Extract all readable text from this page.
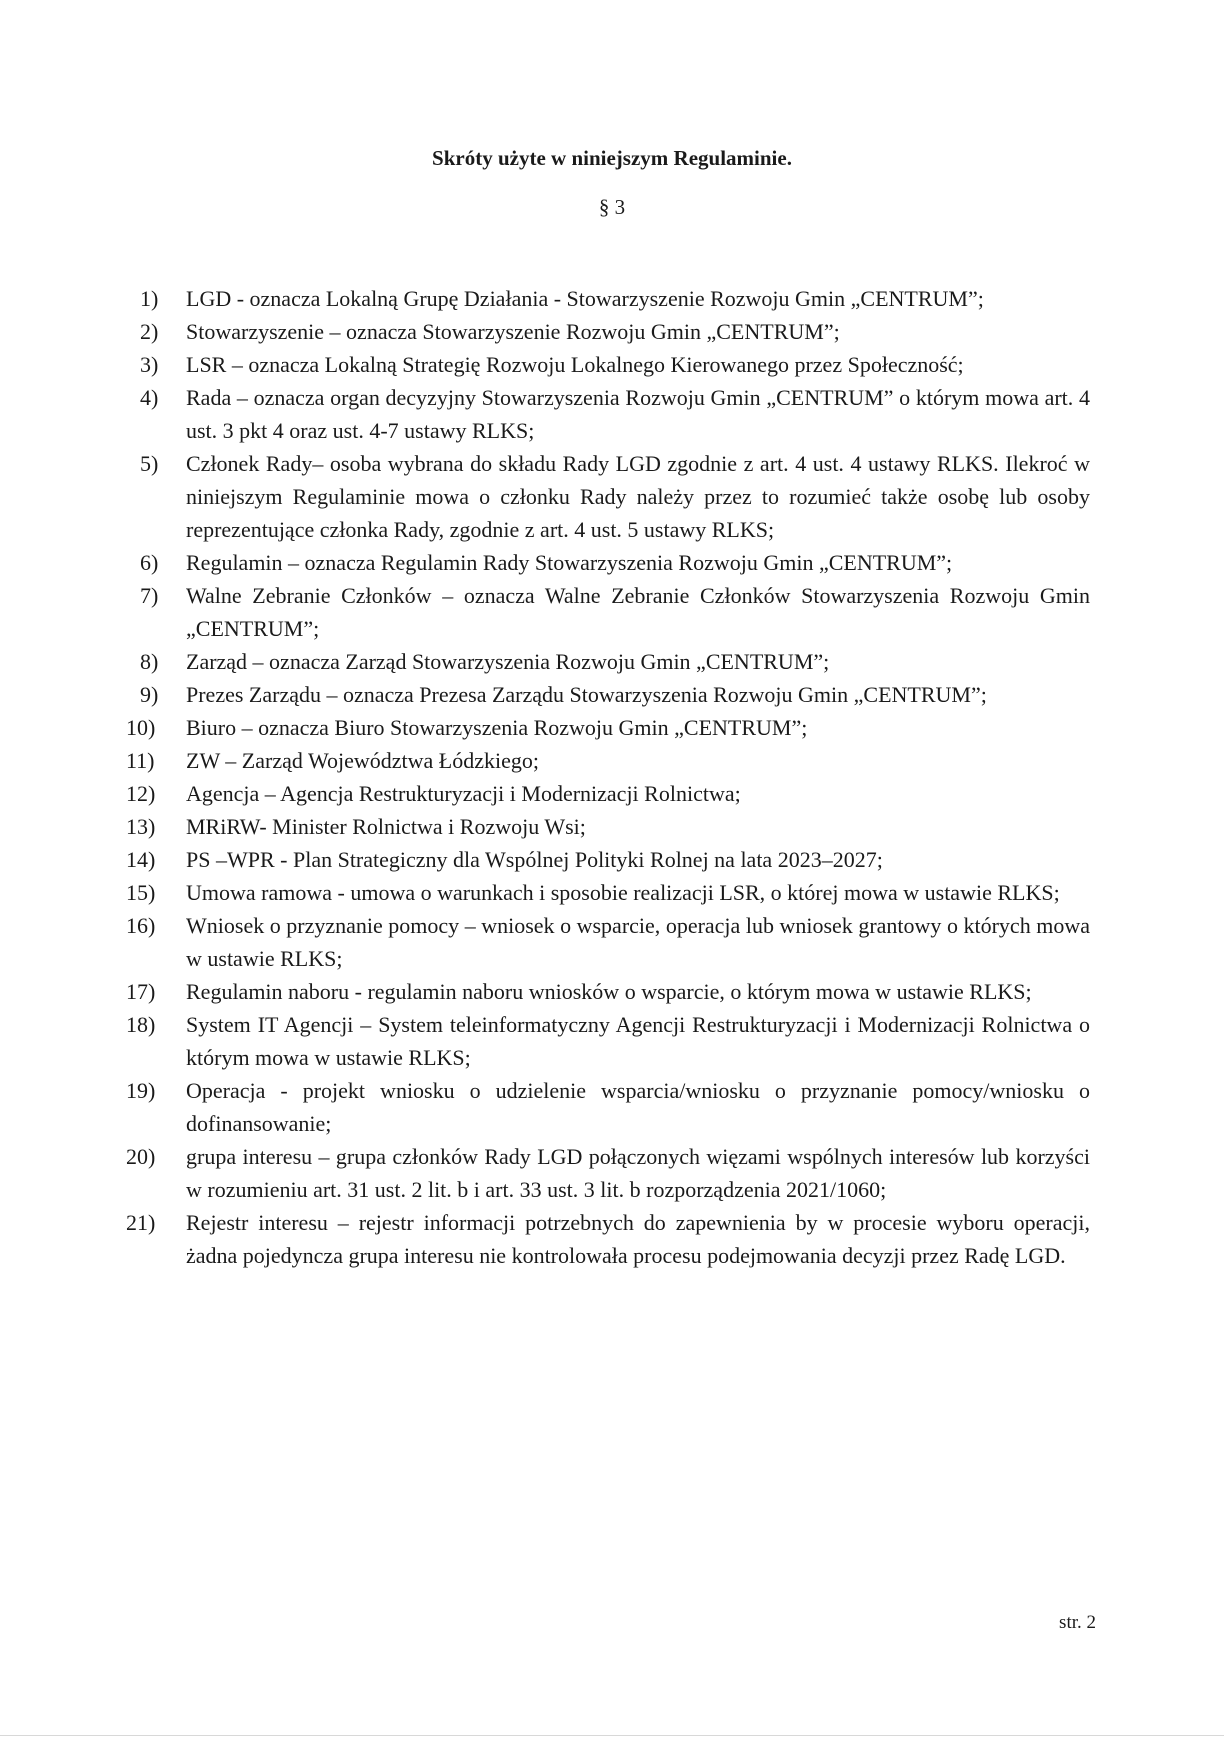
Skróty użyte w niniejszym Regulaminie.
§ 3
1)	LGD - oznacza Lokalną Grupę Działania - Stowarzyszenie Rozwoju Gmin „CENTRUM”;
2)	Stowarzyszenie – oznacza Stowarzyszenie Rozwoju Gmin „CENTRUM”;
3)	LSR – oznacza Lokalną Strategię Rozwoju Lokalnego Kierowanego przez Społeczność;
4)	Rada – oznacza organ decyzyjny Stowarzyszenia Rozwoju Gmin „CENTRUM” o którym mowa art. 4 ust. 3 pkt 4 oraz ust. 4-7 ustawy RLKS;
5)	Członek Rady– osoba wybrana do składu Rady LGD zgodnie z art. 4 ust. 4 ustawy RLKS. Ilekroć w niniejszym Regulaminie mowa o członku Rady należy przez to rozumieć także osobę lub osoby reprezentujące członka Rady, zgodnie z art. 4 ust. 5 ustawy RLKS;
6)	Regulamin – oznacza Regulamin Rady Stowarzyszenia Rozwoju Gmin „CENTRUM”;
7)	Walne Zebranie Członków – oznacza Walne Zebranie Członków Stowarzyszenia Rozwoju Gmin „CENTRUM”;
8)	Zarząd – oznacza Zarząd Stowarzyszenia Rozwoju Gmin „CENTRUM”;
9)	Prezes Zarządu – oznacza Prezesa Zarządu Stowarzyszenia Rozwoju Gmin „CENTRUM”;
10)	Biuro – oznacza Biuro Stowarzyszenia Rozwoju Gmin „CENTRUM”;
11)	ZW – Zarząd Województwa Łódzkiego;
12)	Agencja – Agencja Restrukturyzacji i Modernizacji Rolnictwa;
13)	MRiRW- Minister Rolnictwa i Rozwoju Wsi;
14)	PS –WPR - Plan Strategiczny dla Wspólnej Polityki Rolnej na lata 2023–2027;
15)	Umowa ramowa - umowa o warunkach i sposobie realizacji LSR, o której mowa w ustawie RLKS;
16)	Wniosek o przyznanie pomocy – wniosek o wsparcie, operacja lub wniosek grantowy o których mowa w ustawie RLKS;
17)	Regulamin naboru - regulamin naboru wniosków o wsparcie, o którym mowa w ustawie RLKS;
18)	System IT Agencji – System teleinformatyczny Agencji Restrukturyzacji i Modernizacji Rolnictwa o którym mowa w ustawie RLKS;
19)	Operacja - projekt wniosku o udzielenie wsparcia/wniosku o przyznanie pomocy/wniosku o dofinansowanie;
20)	grupa interesu – grupa członków Rady LGD połączonych więzami wspólnych interesów lub korzyści w rozumieniu art. 31 ust. 2 lit. b i art. 33 ust. 3 lit. b rozporządzenia 2021/1060;
21)	Rejestr interesu – rejestr informacji potrzebnych do zapewnienia by w procesie wyboru operacji, żadna pojedyncza grupa interesu nie kontrolowała procesu podejmowania decyzji przez Radę LGD.
str. 2
